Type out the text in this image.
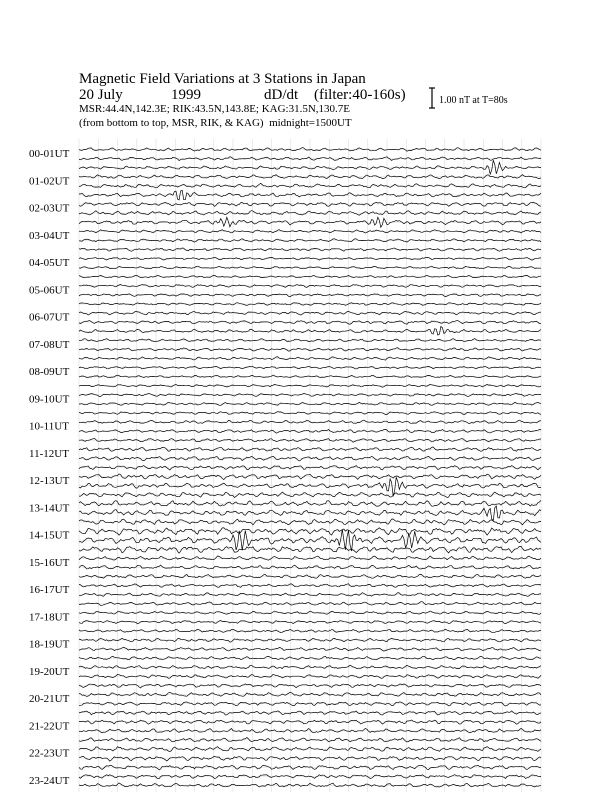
Magnetic Field Variations at 3 Stations in Japan
20 July	1999	dD/dt (filter:40-160s)
MSR:44.4N,142.3E; RIK:43.5N,143.8E; KAG:31.5N,130.7E
(from bottom to top, MSR, RIK, & KAG) midnight=1500UT
1.00 nT at T=80s
00-01UT
01-02UT
02-03UT
03-04UT
04-05UT
05-06UT
06-07UT
07-08UT
08-09UT
09-10UT
10-11UT
11-12UT
12-13UT
13-14UT
14-15UT
15-16UT
16-17UT
17-18UT
18-19UT
19-20UT
20-21UT
21-22UT
22-23UT
23-24UT
